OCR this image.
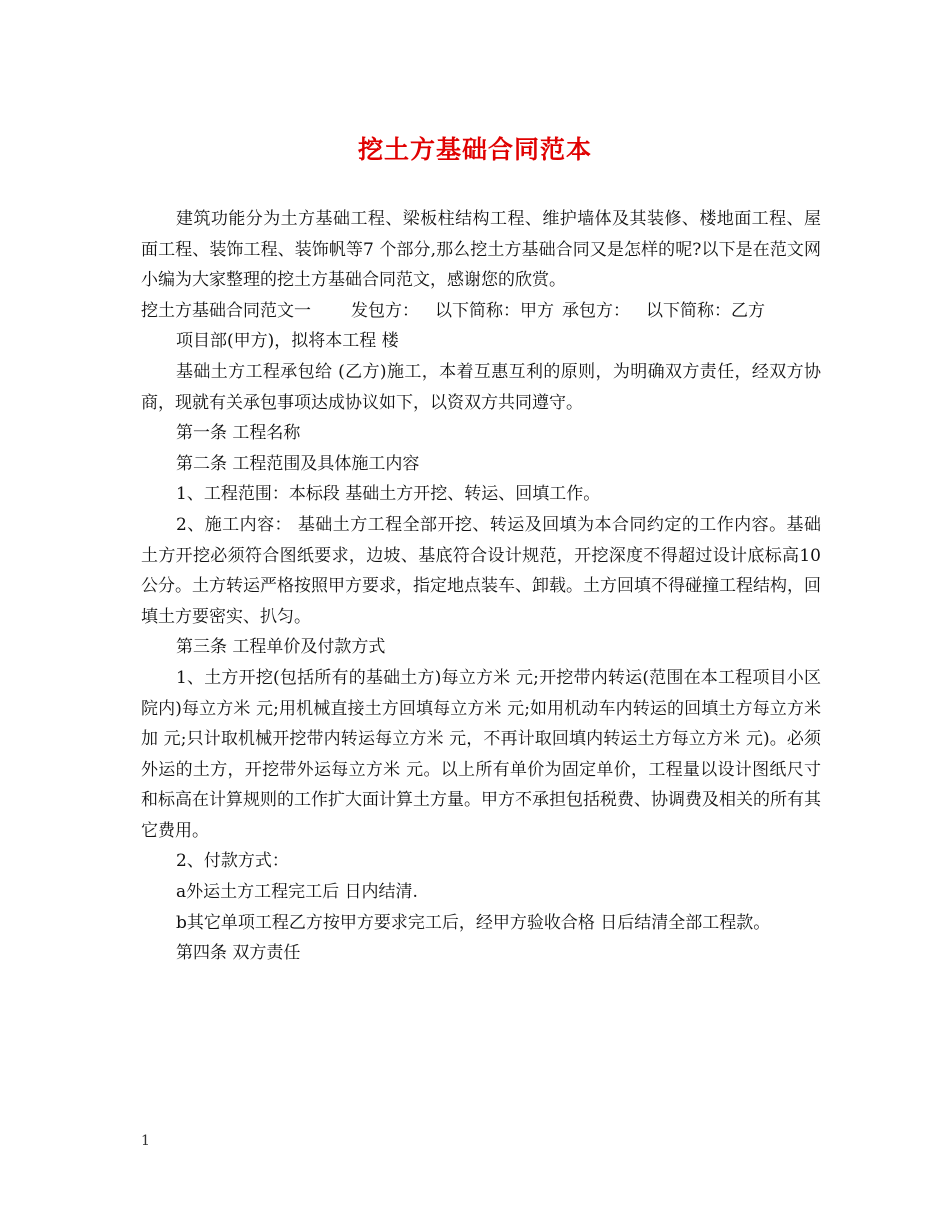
挖土方基础合同范本

建筑功能分为土方基础工程、梁板柱结构工程、维护墙体及其装修、楼地面工程、屋面工程、装饰工程、装饰帆等7 个部分,那么挖土方基础合同又是怎样的呢?以下是在范文网小编为大家整理的挖土方基础合同范文，感谢您的欣赏。

挖土方基础合同范文一 发包方： 以下简称：甲方 承包方： 以下简称：乙方

项目部(甲方)，拟将本工程 楼

基础土方工程承包给 (乙方)施工，本着互惠互利的原则，为明确双方责任，经双方协商，现就有关承包事项达成协议如下，以资双方共同遵守。

第一条 工程名称

第二条 工程范围及具体施工内容

1、工程范围：本标段 基础土方开挖、转运、回填工作。

2、施工内容： 基础土方工程全部开挖、转运及回填为本合同约定的工作内容。基础土方开挖必须符合图纸要求，边坡、基底符合设计规范，开挖深度不得超过设计底标高10公分。土方转运严格按照甲方要求，指定地点装车、卸载。土方回填不得碰撞工程结构，回填土方要密实、扒匀。

第三条 工程单价及付款方式

1、土方开挖(包括所有的基础土方)每立方米 元;开挖带内转运(范围在本工程项目小区院内)每立方米 元;用机械直接土方回填每立方米 元;如用机动车内转运的回填土方每立方米加 元;只计取机械开挖带内转运每立方米 元，不再计取回填内转运土方每立方米 元)。必须外运的土方，开挖带外运每立方米 元。以上所有单价为固定单价，工程量以设计图纸尺寸和标高在计算规则的工作扩大面计算土方量。甲方不承担包括税费、协调费及相关的所有其它费用。

2、付款方式：

a外运土方工程完工后 日内结清.

b其它单项工程乙方按甲方要求完工后，经甲方验收合格 日后结清全部工程款。

第四条 双方责任

1
